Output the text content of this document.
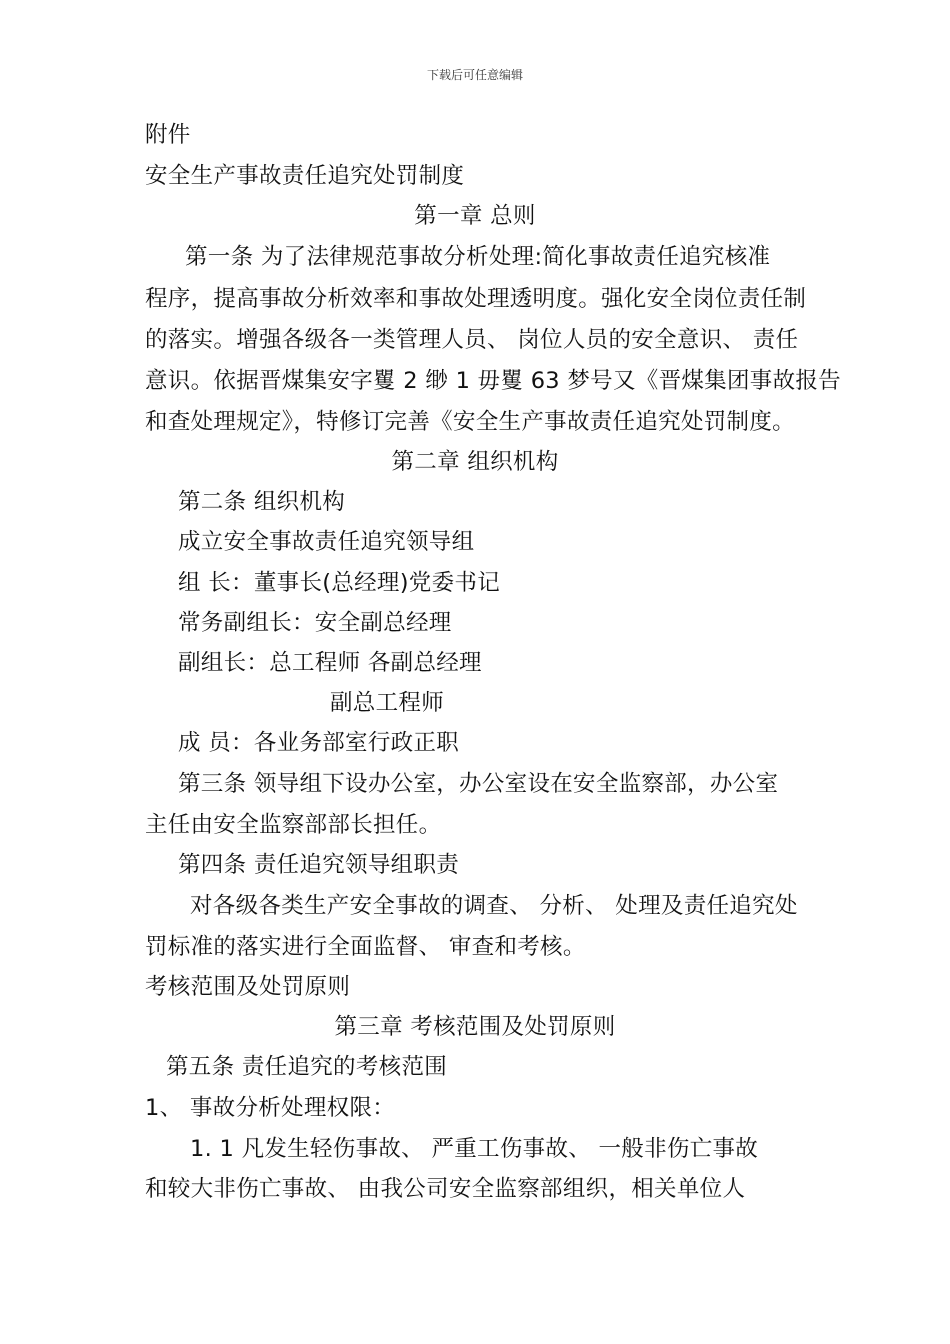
下载后可任意编辑
附件
安全生产事故责任追究处罚制度
第一章 总则
第一条 为了法律规范事故分析处理:简化事故责任追究核准
程序，提高事故分析效率和事故处理透明度。强化安全岗位责任制
的落实。增强各级各一类管理人员、 岗位人员的安全意识、 责任
意识。依据晋煤集安字矍 2 缈 1 毋矍 63 梦号又《晋煤集团事故报告
和查处理规定》，特修订完善《安全生产事故责任追究处罚制度。
第二章 组织机构
第二条 组织机构
成立安全事故责任追究领导组
组 长：董事长(总经理)党委书记
常务副组长：安全副总经理
副组长：总工程师 各副总经理
副总工程师
成 员：各业务部室行政正职
第三条 领导组下设办公室，办公室设在安全监察部，办公室
主任由安全监察部部长担任。
第四条 责任追究领导组职责
对各级各类生产安全事故的调查、 分析、 处理及责任追究处
罚标准的落实进行全面监督、 审查和考核。
考核范围及处罚原则
第三章 考核范围及处罚原则
第五条 责任追究的考核范围
1、 事故分析处理权限：
1. 1 凡发生轻伤事故、 严重工伤事故、 一般非伤亡事故
和较大非伤亡事故、 由我公司安全监察部组织，相关单位人
